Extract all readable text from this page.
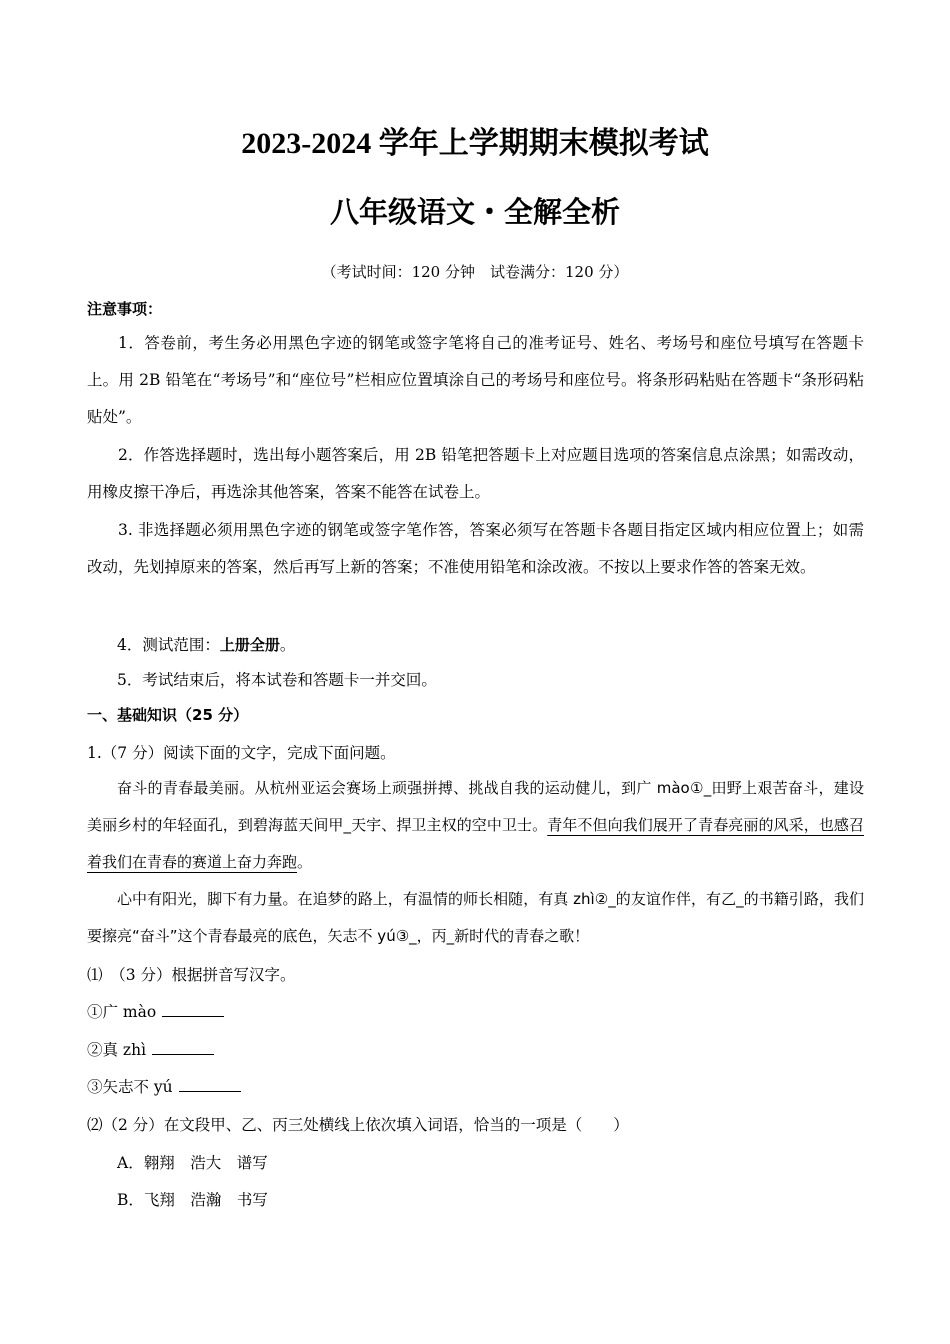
2023-2024 学年上学期期末模拟考试
八年级语文・全解全析
（考试时间：120 分钟　试卷满分：120 分）
注意事项：
1．答卷前，考生务必用黑色字迹的钢笔或签字笔将自己的准考证号、姓名、考场号和座位号填写在答题卡上。用 2B 铅笔在“考场号”和“座位号”栏相应位置填涂自己的考场号和座位号。将条形码粘贴在答题卡“条形码粘贴处”。
2．作答选择题时，选出每小题答案后，用 2B 铅笔把答题卡上对应题目选项的答案信息点涂黑；如需改动，用橡皮擦干净后，再选涂其他答案，答案不能答在试卷上。
3. 非选择题必须用黑色字迹的钢笔或签字笔作答，答案必须写在答题卡各题目指定区域内相应位置上；如需改动，先划掉原来的答案，然后再写上新的答案；不准使用铅笔和涂改液。不按以上要求作答的答案无效。
4．测试范围：上册全册。
5．考试结束后，将本试卷和答题卡一并交回。
一、基础知识（25 分）
1.（7 分）阅读下面的文字，完成下面问题。
奋斗的青春最美丽。从杭州亚运会赛场上顽强拼搏、挑战自我的运动健儿，到广 mào①_田野上艰苦奋斗，建设美丽乡村的年轻面孔，到碧海蓝天间甲_天宇、捍卫主权的空中卫士。青年不但向我们展开了青春亮丽的风采，也感召着我们在青春的赛道上奋力奔跑。
心中有阳光，脚下有力量。在追梦的路上，有温情的师长相随，有真 zhì②_的友谊作伴，有乙_的书籍引路，我们要擦亮“奋斗”这个青春最亮的底色，矢志不 yú③_，丙_新时代的青春之歌！
⑴　（3 分）根据拼音写汉字。
①广 mào
②真 zhì
③矢志不 yú
⑵（2 分）在文段甲、乙、丙三处横线上依次填入词语，恰当的一项是（　　）
A．翱翔　浩大　谱写
B．飞翔　浩瀚　书写
